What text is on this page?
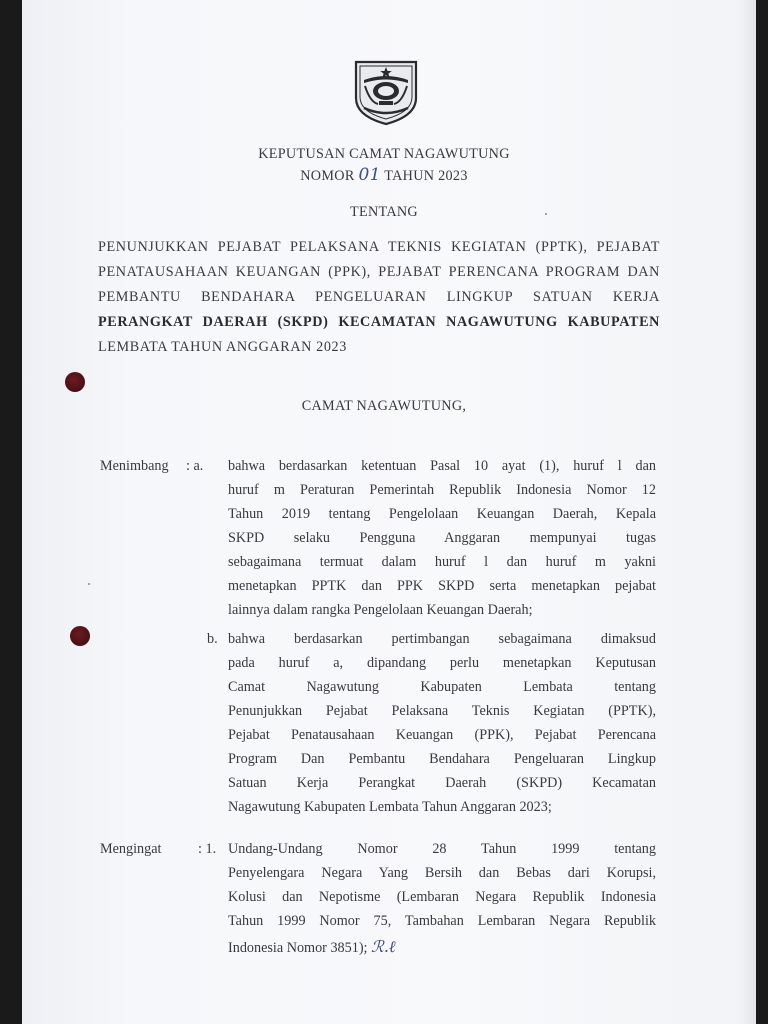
KEPUTUSAN CAMAT NAGAWUTUNG
NOMOR 01 TAHUN 2023
TENTANG
PENUNJUKKAN PEJABAT PELAKSANA TEKNIS KEGIATAN (PPTK), PEJABAT
PENATAUSAHAAN KEUANGAN (PPK), PEJABAT PERENCANA PROGRAM DAN
PEMBANTU BENDAHARA PENGELUARAN LINGKUP SATUAN KERJA
PERANGKAT DAERAH (SKPD) KECAMATAN NAGAWUTUNG KABUPATEN
LEMBATA TAHUN ANGGARAN 2023
CAMAT NAGAWUTUNG,
Menimbang : a. bahwa berdasarkan ketentuan Pasal 10 ayat (1), huruf l dan
huruf m Peraturan Pemerintah Republik Indonesia Nomor 12
Tahun 2019 tentang Pengelolaan Keuangan Daerah, Kepala
SKPD selaku Pengguna Anggaran mempunyai tugas
sebagaimana termuat dalam huruf l dan huruf m yakni
menetapkan PPTK dan PPK SKPD serta menetapkan pejabat
lainnya dalam rangka Pengelolaan Keuangan Daerah;
b. bahwa berdasarkan pertimbangan sebagaimana dimaksud
pada huruf a, dipandang perlu menetapkan Keputusan
Camat Nagawutung Kabupaten Lembata tentang
Penunjukkan Pejabat Pelaksana Teknis Kegiatan (PPTK),
Pejabat Penatausahaan Keuangan (PPK), Pejabat Perencana
Program Dan Pembantu Bendahara Pengeluaran Lingkup
Satuan Kerja Perangkat Daerah (SKPD) Kecamatan
Nagawutung Kabupaten Lembata Tahun Anggaran 2023;
Mengingat	: 1. Undang-Undang Nomor 28 Tahun 1999 tentang
Penyelengara Negara Yang Bersih dan Bebas dari Korupsi,
Kolusi dan Nepotisme (Lembaran Negara Republik Indonesia
Tahun 1999 Nomor 75, Tambahan Lembaran Negara Republik
Indonesia Nomor 3851); ℛ.ℓ
